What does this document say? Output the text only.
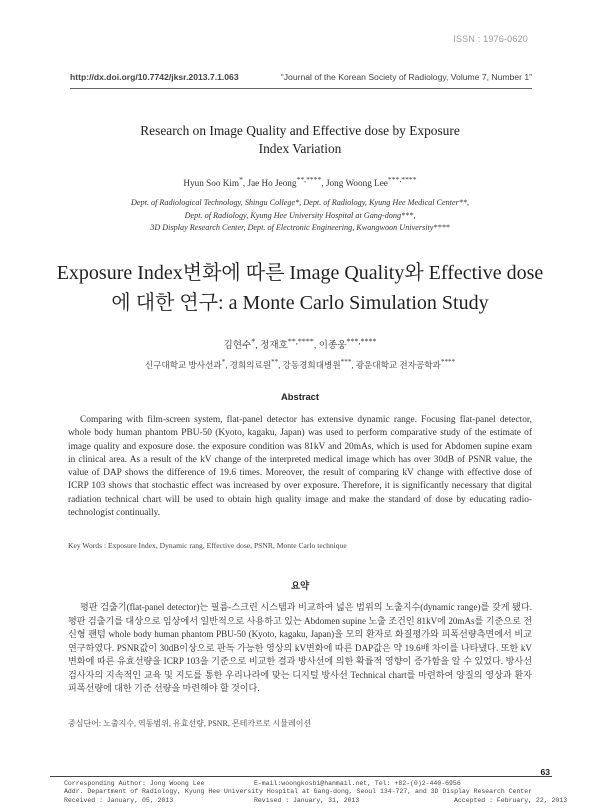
ISSN : 1976-0620
http://dx.doi.org/10.7742/jksr.2013.7.1.063	“Journal of the Korean Society of Radiology, Volume 7, Number 1”
Research on Image Quality and Effective dose by Exposure
Index Variation
Hyun Soo Kim*, Jae Ho Jeong**,****, Jong Woong Lee***,****
Dept. of Radiological Technology, Shingu College*, Dept. of Radiology, Kyung Hee Medical Center**,
Dept. of Radiology, Kyung Hee University Hospital at Gang-dong***,
3D Display Research Center, Dept. of Electronic Engineering, Kwangwoon University****
Exposure Index변화에 따른 Image Quality와 Effective dose
에 대한 연구: a Monte Carlo Simulation Study
김현수*, 정재호**,****, 이종웅***,****
신구대학교 방사선과*, 경희의료원**, 강동경희대병원***, 광운대학교 전자공학과****
Abstract

Comparing with film-screen system, flat-panel detector has extensive dynamic range. Focusing flat-panel detector, whole body human phantom PBU-50 (Kyoto, kagaku, Japan) was used to perform comparative study of the estimate of image quality and exposure dose. the exposure condition was 81kV and 20mAs, which is used for Abdomen supine exam in clinical area. As a result of the kV change of the interpreted medical image which has over 30dB of PSNR value, the value of DAP shows the difference of 19.6 times. Moreover, the result of comparing kV change with effective dose of ICRP 103 shows that stochastic effect was increased by over exposure. Therefore, it is significantly necessary that digital radiation technical chart will be used to obtain high quality image and make the standard of dose by educating radio-technologist continually.

Key Words : Exposure Index, Dynamic rang, Effective dose, PSNR, Monte Carlo technique
요약

평판 검출기(flat-panel detector)는 필름-스크린 시스템과 비교하여 넓은 범위의 노출지수(dynamic range)를 갖게 됐다. 평판 검출기를 대상으로 임상에서 일반적으로 사용하고 있는 Abdomen supine 노출 조건인 81kV에 20mAs를 기준으로 전신형 팬텀 whole body human phantom PBU-50 (Kyoto, kagaku, Japan)을 모의 환자로 화질평가와 피폭선량측면에서 비교 연구하였다. PSNR값이 30dB이상으로 판독 가능한 영상의 kV변화에 따른 DAP값은 약 19.6배 차이를 나타냈다. 또한 kV변화에 따른 유효선량을 ICRP 103을 기준으로 비교한 결과 방사선에 의한 확률적 영향이 증가함을 알 수 있었다. 방사선검사자의 지속적인 교육 및 지도를 통한 우리나라에 맞는 디지털 방사선 Technical chart를 마련하여 양질의 영상과 환자피폭선량에 대한 기준 선량을 마련해야 할 것이다.

중심단어: 노출지수, 역동범위, 유효선량, PSNR, 몬테카르로 시뮬레이션
63
Corresponding Author: Jong Woong Lee	E-mail:woongkosbi@hanmail.net, Tel: +82-(0)2-440-6956
Addr. Department of Radiology, Kyung Hee University Hospital at Gang-dong, Seoul 134-727, and 3D Display Research Center
Received : January, 05, 2013	Revised : January, 31, 2013	Accepted : February, 22, 2013
